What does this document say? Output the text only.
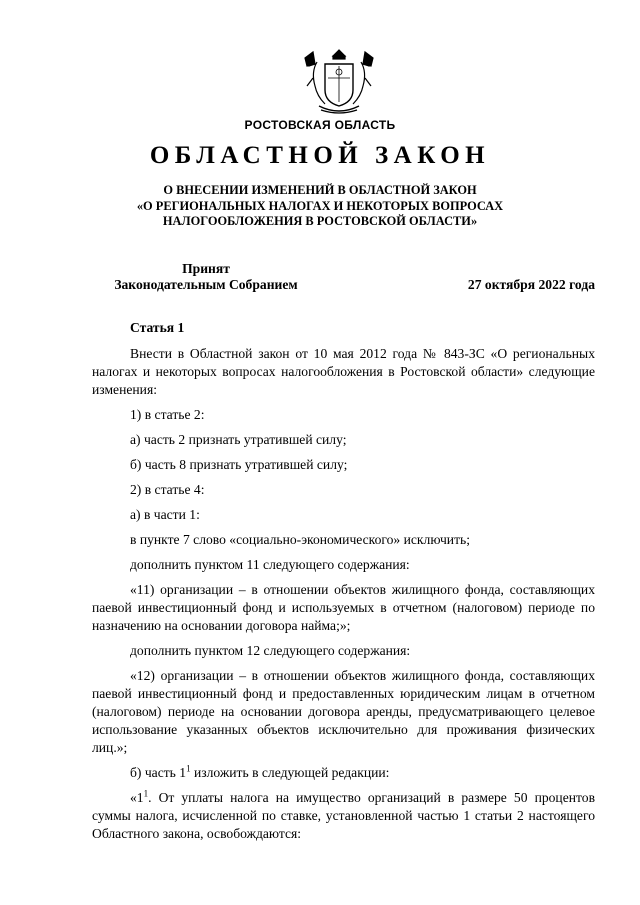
РОСТОВСКАЯ ОБЛАСТЬ
ОБЛАСТНОЙ ЗАКОН
О ВНЕСЕНИИ ИЗМЕНЕНИЙ В ОБЛАСТНОЙ ЗАКОН
«О РЕГИОНАЛЬНЫХ НАЛОГАХ И НЕКОТОРЫХ ВОПРОСАХ
НАЛОГООБЛОЖЕНИЯ В РОСТОВСКОЙ ОБЛАСТИ»
Принят
Законодательным Собранием	27 октября 2022 года
Статья 1

Внести в Областной закон от 10 мая 2012 года № 843-ЗС «О региональных налогах и некоторых вопросах налогообложения в Ростовской области» следующие изменения:

1) в статье 2:

а) часть 2 признать утратившей силу;

б) часть 8 признать утратившей силу;

2) в статье 4:

а) в части 1:

в пункте 7 слово «социально-экономического» исключить;

дополнить пунктом 11 следующего содержания:

«11) организации – в отношении объектов жилищного фонда, составляющих паевой инвестиционный фонд и используемых в отчетном (налоговом) периоде по назначению на основании договора найма;»;

дополнить пунктом 12 следующего содержания:

«12) организации – в отношении объектов жилищного фонда, составляющих паевой инвестиционный фонд и предоставленных юридическим лицам в отчетном (налоговом) периоде на основании договора аренды, предусматривающего целевое использование указанных объектов исключительно для проживания физических лиц.»;

б) часть $1^1$ изложить в следующей редакции:

«$1^1$. От уплаты налога на имущество организаций в размере 50 процентов суммы налога, исчисленной по ставке, установленной частью 1 статьи 2 настоящего Областного закона, освобождаются:
